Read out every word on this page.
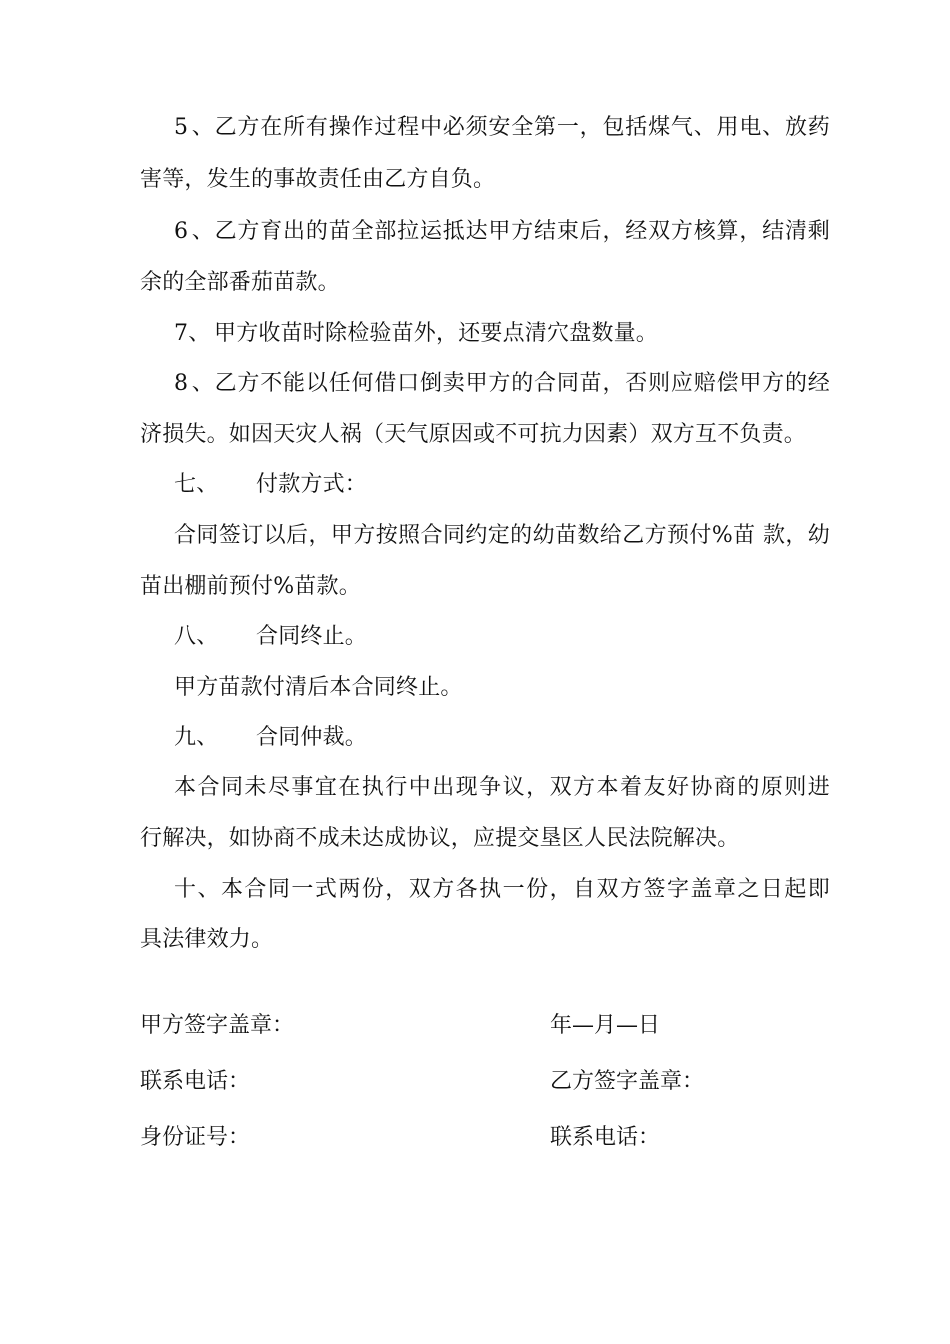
5、乙方在所有操作过程中必须安全第一，包括煤气、用电、放药
害等，发生的事故责任由乙方自负。
6、乙方育出的苗全部拉运抵达甲方结束后，经双方核算，结清剩
余的全部番茄苗款。
7、 甲方收苗时除检验苗外，还要点清穴盘数量。
8、乙方不能以任何借口倒卖甲方的合同苗，否则应赔偿甲方的经
济损失。如因天灾人祸（天气原因或不可抗力因素）双方互不负责。
七、 付款方式：
合同签订以后，甲方按照合同约定的幼苗数给乙方预付%苗 款，幼
苗出棚前预付%苗款。
八、 合同终止。
甲方苗款付清后本合同终止。
九、 合同仲裁。
本合同未尽事宜在执行中出现争议，双方本着友好协商的原则进
行解决，如协商不成未达成协议，应提交垦区人民法院解决。
十、本合同一式两份，双方各执一份，自双方签字盖章之日起即
具法律效力。
甲方签字盖章：	年—月—日
联系电话：	乙方签字盖章：
身份证号：	联系电话：
